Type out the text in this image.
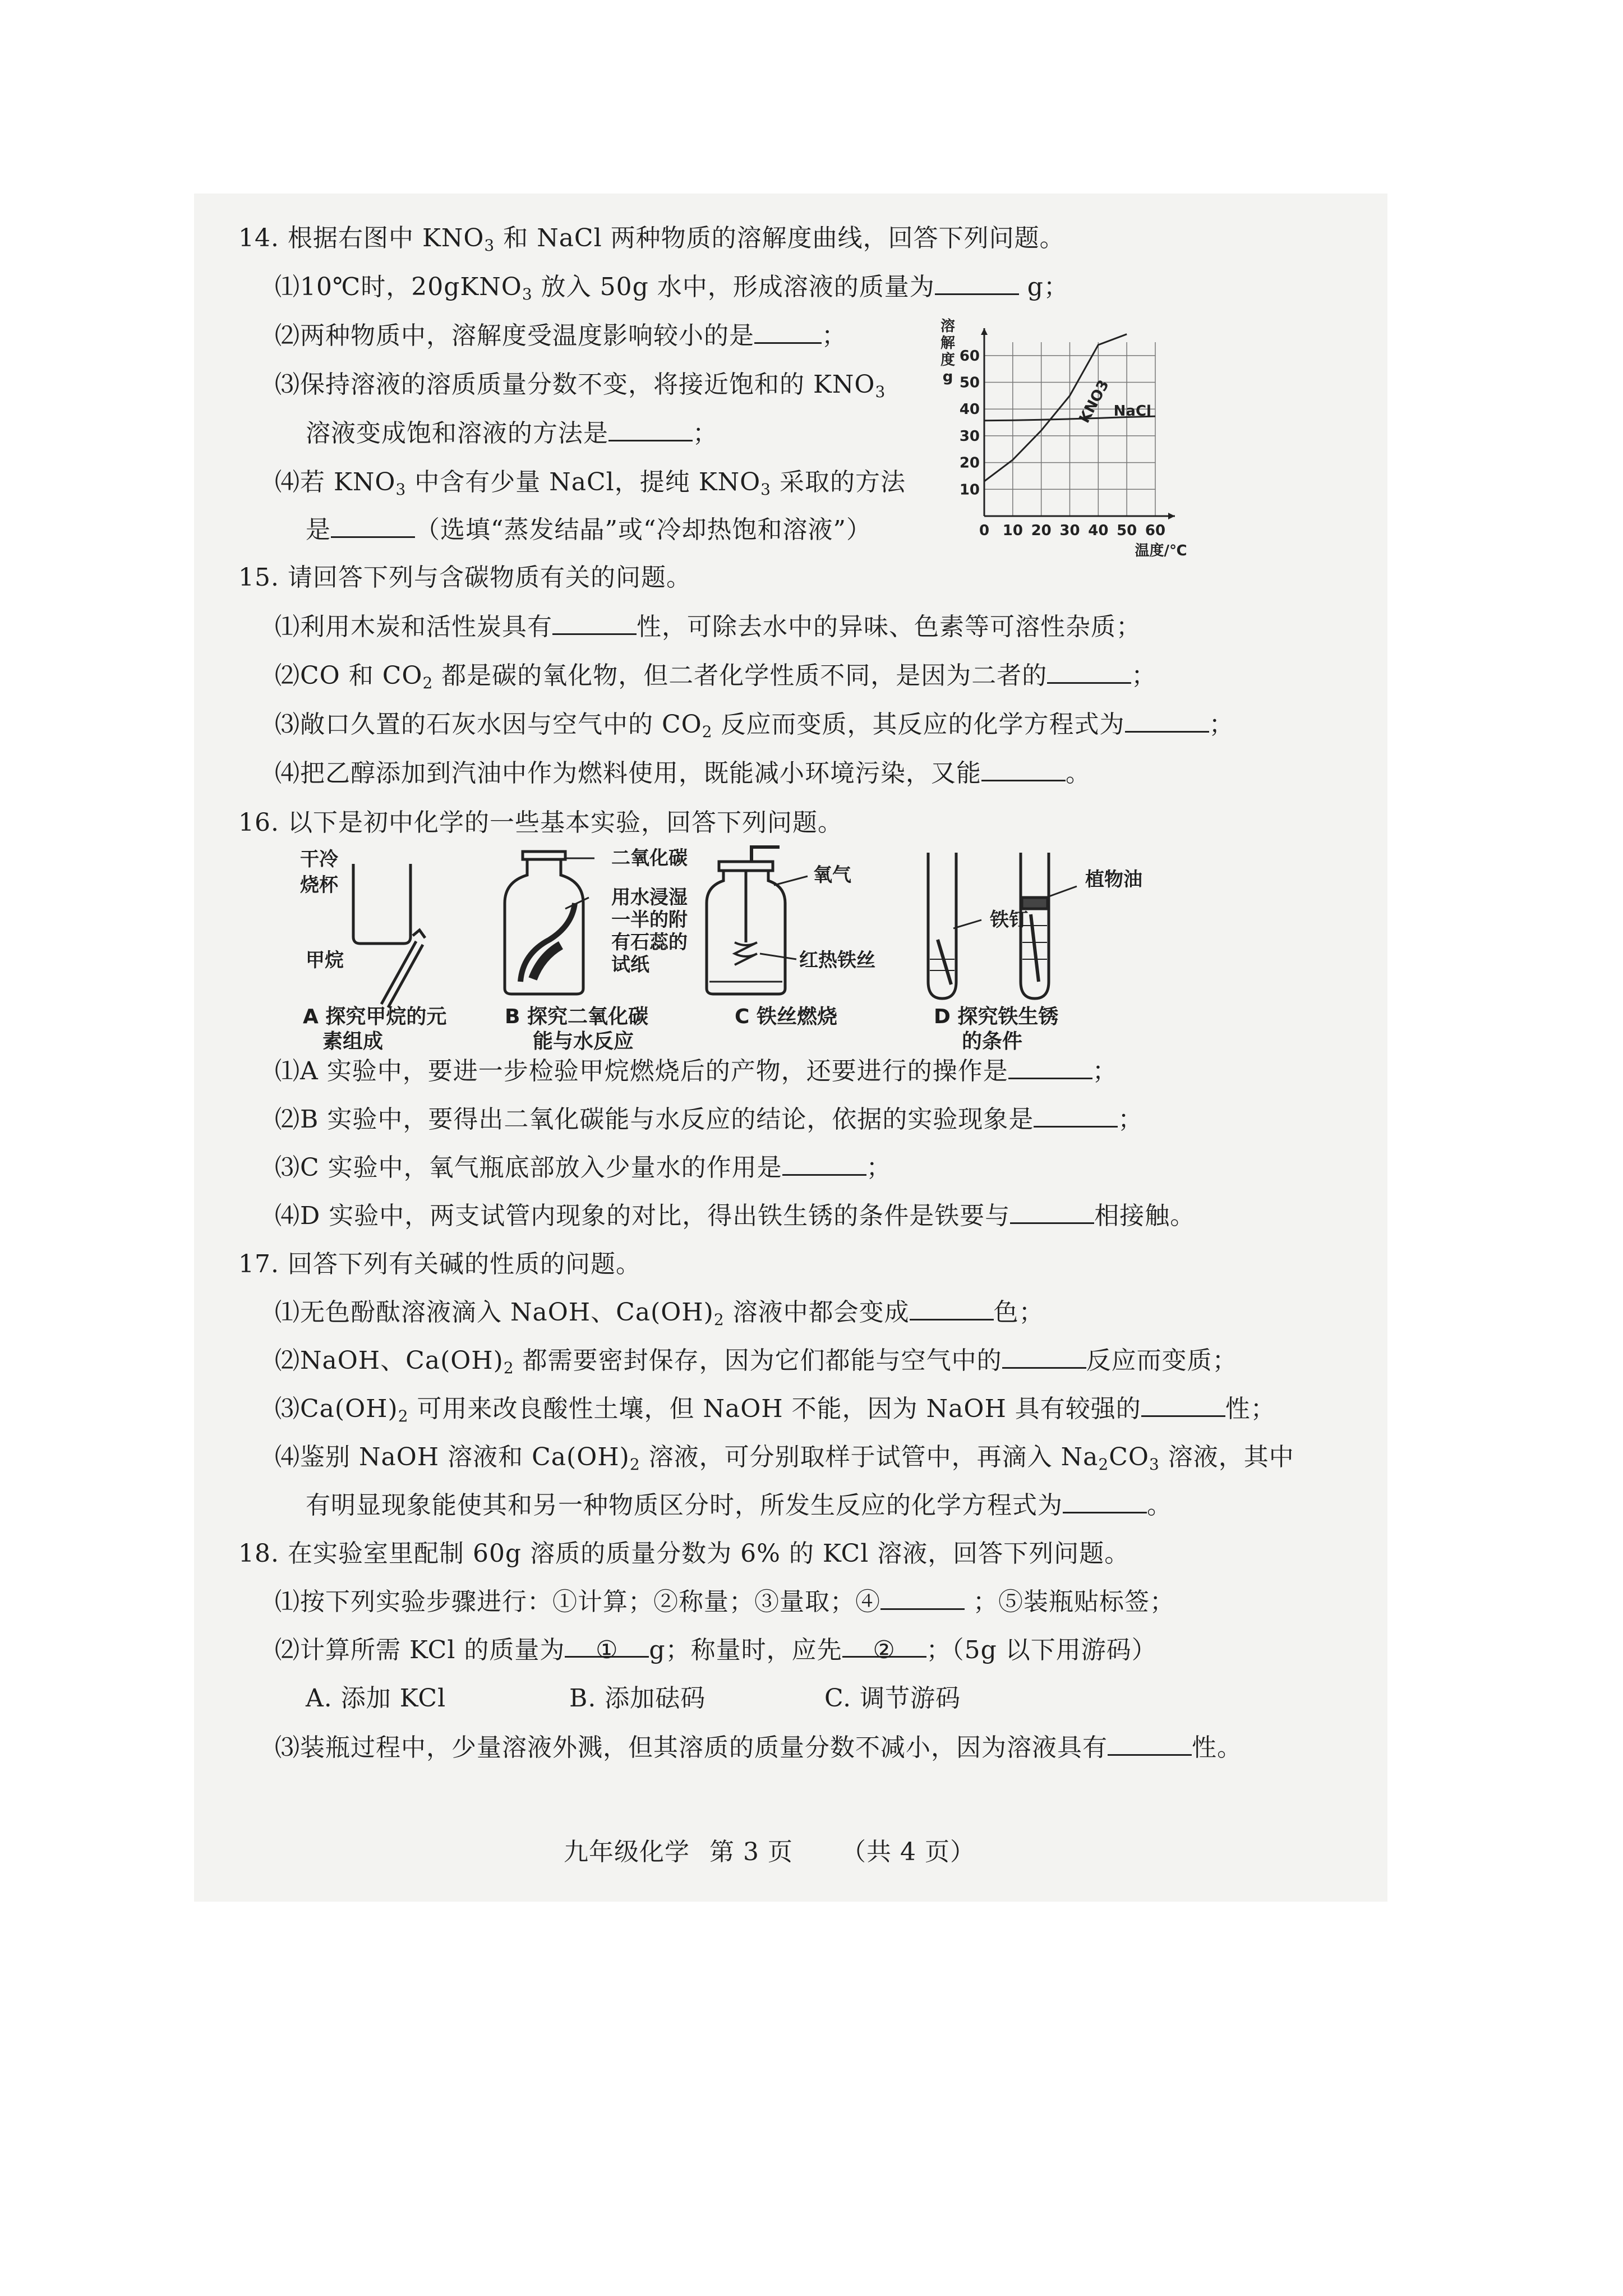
14. 根据右图中 $KNO_3$ 和 NaCl 两种物质的溶解度曲线，回答下列问题。
⑴10℃时，20gKNO$_3$ 放入 50g 水中，形成溶液的质量为	g；
⑵两种物质中，溶解度受温度影响较小的是	；
⑶保持溶液的溶质质量分数不变，将接近饱和的 $KNO_3$
溶液变成饱和溶液的方法是	；
⑷若 $KNO_3$ 中含有少量 NaCl，提纯 $KNO_3$ 采取的方法
是	（选填“蒸发结晶”或“冷却热饱和溶液”）	0 10 20 30 40 50 60
10
20
30
40
50
60
溶
解
度
g
温度/℃
KNO3 NaCl
15. 请回答下列与含碳物质有关的问题。
⑴利用木炭和活性炭具有	性，可除去水中的异味、色素等可溶性杂质；
⑵CO 和 $CO_2$ 都是碳的氧化物，但二者化学性质不同，是因为二者的	；
⑶敞口久置的石灰水因与空气中的 $CO_2$ 反应而变质，其反应的化学方程式为	；
⑷把乙醇添加到汽油中作为燃料使用，既能减小环境污染，又能	。
16. 以下是初中化学的一些基本实验，回答下列问题。
干冷
烧杯
甲烷
二氧化碳
用水浸湿
一半的附
有石蕊的
试纸
氧气
红热铁丝
植物油
铁钉
A 探究甲烷的元
素组成
B 探究二氧化碳
能与水反应
C 铁丝燃烧	D 探究铁生锈
的条件
⑴A 实验中，要进一步检验甲烷燃烧后的产物，还要进行的操作是	；
⑵B 实验中，要得出二氧化碳能与水反应的结论，依据的实验现象是	；
⑶C 实验中，氧气瓶底部放入少量水的作用是	；
⑷D 实验中，两支试管内现象的对比，得出铁生锈的条件是铁要与	相接触。
17. 回答下列有关碱的性质的问题。
⑴无色酚酞溶液滴入 NaOH、$Ca(OH)_2$ 溶液中都会变成	色；
⑵NaOH、$Ca(OH)_2$ 都需要密封保存，因为它们都能与空气中的	反应而变质；
$⑶Ca(OH)_2$ 可用来改良酸性土壤，但 NaOH 不能，因为 NaOH 具有较强的	性；
⑷鉴别 NaOH 溶液和 $Ca(OH)_2$ 溶液，可分别取样于试管中，再滴入 $Na_2CO_3$ 溶液，其中
有明显现象能使其和另一种物质区分时，所发生反应的化学方程式为	。
18. 在实验室里配制 60g 溶质的质量分数为 6% 的 KCl 溶液，回答下列问题。
⑴按下列实验步骤进行：①计算；②称量；③量取；④	；⑤装瓶贴标签；
⑵计算所需 KCl 的质量为 ① g；称量时，应先 ② ；（5g 以下用游码）
A. 添加 KCl	B. 添加砝码	C. 调节游码
⑶装瓶过程中，少量溶液外溅，但其溶质的质量分数不减小，因为溶液具有	性。
九年级化学 第 3 页 （共 4 页）
